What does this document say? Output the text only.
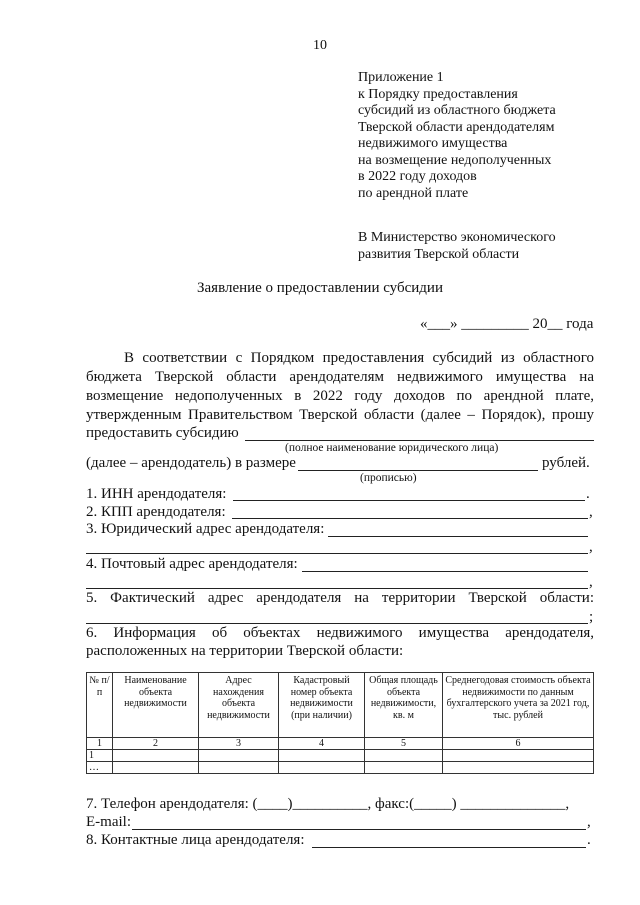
10
Приложение 1
к Порядку предоставления
субсидий из областного бюджета
Тверской области арендодателям
недвижимого имущества
на возмещение недополученных
в 2022 году доходов
по арендной плате
В Министерство экономического
развития Тверской области
Заявление о предоставлении субсидии
«___» _________ 20__ года
В соответствии с Порядком предоставления субсидий из областного
бюджета Тверской области арендодателям недвижимого имущества на
возмещение недополученных в 2022 году доходов по арендной плате,
утвержденным Правительством Тверской области (далее – Порядок), прошу
предоставить субсидию
(полное наименование юридического лица)
(далее – арендодатель) в размере	рублей.
(прописью)
1. ИНН арендодателя:	.
2. КПП арендодателя:	,
3. Юридический адрес арендодателя:
,
4. Почтовый адрес арендодателя:
,
5. Фактический адрес арендодателя на территории Тверской области:
;
6. Информация об объектах недвижимого имущества арендодателя,
расположенных на территории Тверской области:
№ п/п	Наименование объекта недвижимости	Адрес нахождения объекта недвижимости	Кадастровый номер объекта недвижимости (при наличии)	Общая площадь объекта недвижимости, кв. м	Среднегодовая стоимость объекта недвижимости по данным бухгалтерского учета за 2021 год, тыс. рублей
1	2	3	4	5	6
1					
…					
7. Телефон арендодателя: (____)__________, факс:(_____) ______________,
E-mail:	,
8. Контактные лица арендодателя:	.
